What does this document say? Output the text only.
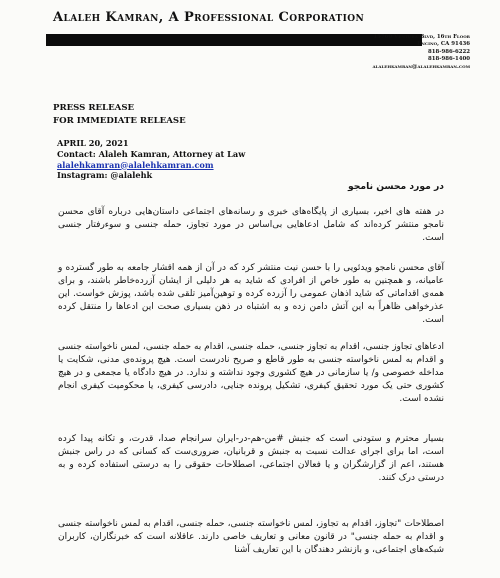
Alaleh Kamran, A Professional Corporation
15760 Ventura Blvd, 16th Floor
Encino, CA 91436
818-986-6222
818-986-1400
alalehkamran@alalehkamran.com
PRESS RELEASE
FOR IMMEDIATE RELEASE
APRIL 20, 2021
Contact: Alaleh Kamran, Attorney at Law
alalehkamran@alalehkamran.com
Instagram: @alalehk
در مورد محسن نامجو
در هفته های اخیر، بسیاری از پایگاه‌های خبری و رسانه‌های اجتماعی داستان‌هایی درباره آقای محسن نامجو منتشر کرده‌اند که شامل ادعاهایی بی‌اساس در مورد تجاوز، حمله جنسی و سوءرفتار جنسی است.
آقای محسن نامجو ویدئویی را با حسن نیت منتشر کرد که در آن از همه اقشار جامعه به طور گسترده و عامیانه، و همچنین به طور خاص از افرادی که شاید به هر دلیلی از ایشان آزرده‌خاطر باشند، و برای همه‌ی اقداماتی که شاید اذهان عمومی را آزرده کرده و توهین‌آمیز تلقی شده باشد، پوزش خواست. این عذرخواهی ظاهراً به این آتش دامن زده و به اشتباه در ذهن بسیاری صحت این ادعاها را منتقل کرده است.
ادعاهای تجاوز جنسی، اقدام به تجاوز جنسی، حمله جنسی، اقدام به حمله جنسی، لمس ناخواسته جنسی و اقدام به لمس ناخواسته جنسی به طور قاطع و صریح نادرست است. هیچ پرونده‌ی مدنی، شکایت یا مداخله خصوصی و/ یا سازمانی در هیچ کشوری وجود نداشته و ندارد. در هیچ دادگاه یا مجمعی و در هیچ کشوری حتی یک مورد تحقیق کیفری، تشکیل پرونده جنایی، دادرسی کیفری، یا محکومیت کیفری انجام نشده است.
بسیار محترم و ستودنی است که جنبش #من-هم-در-ایران سرانجام صدا، قدرت، و تکانه پیدا کرده است، اما برای اجرای عدالت نسبت به جنبش و قربانیان، ضروری‌ست که کسانی که در راس جنبش هستند، اعم از گزارشگران و یا فعالان اجتماعی، اصطلاحات حقوقی را به درستی استفاده کرده و به درستی درک کنند.
اصطلاحات "تجاوز، اقدام به تجاوز، لمس ناخواسته جنسی، حمله جنسی، اقدام به لمس ناخواسته جنسی و اقدام به حمله جنسی" در قانون معانی و تعاریف خاصی دارند. عاقلانه است که خبرنگاران، کاربران شبکه‌های اجتماعی، و بازنشر دهندگان با این تعاریف آشنا
